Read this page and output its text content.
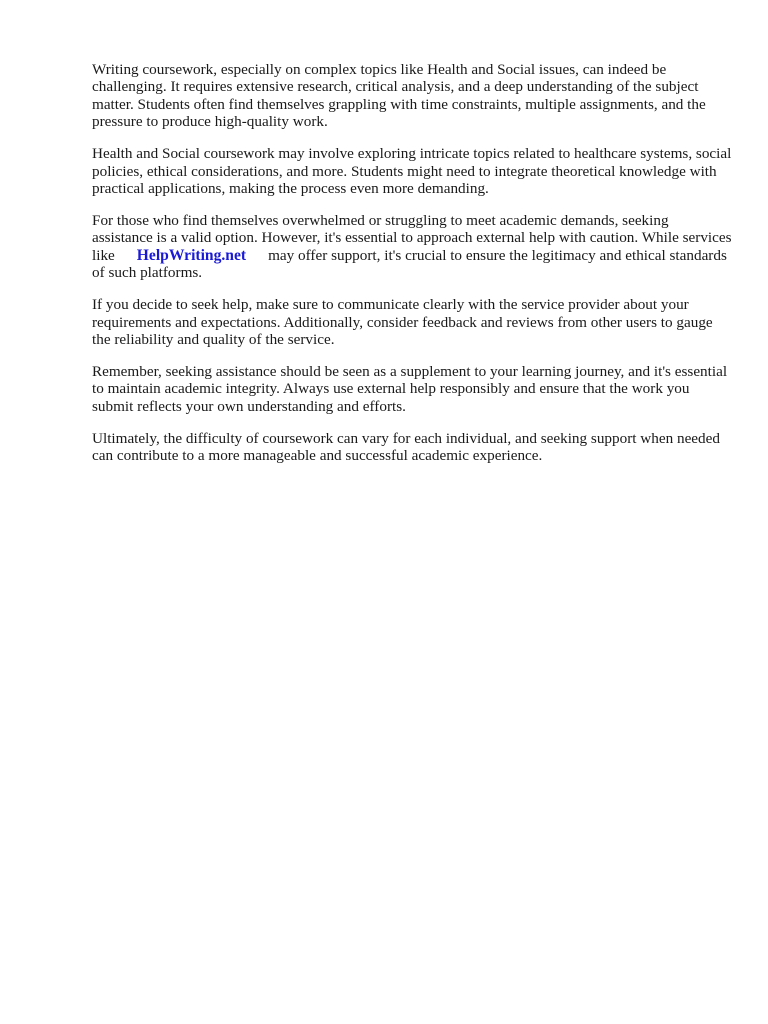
Writing coursework, especially on complex topics like Health and Social issues, can indeed be challenging. It requires extensive research, critical analysis, and a deep understanding of the subject matter. Students often find themselves grappling with time constraints, multiple assignments, and the pressure to produce high-quality work.

Health and Social coursework may involve exploring intricate topics related to healthcare systems, social policies, ethical considerations, and more. Students might need to integrate theoretical knowledge with practical applications, making the process even more demanding.

For those who find themselves overwhelmed or struggling to meet academic demands, seeking assistance is a valid option. However, it's essential to approach external help with caution. While services like HelpWriting.net may offer support, it's crucial to ensure the legitimacy and ethical standards of such platforms.

If you decide to seek help, make sure to communicate clearly with the service provider about your requirements and expectations. Additionally, consider feedback and reviews from other users to gauge the reliability and quality of the service.

Remember, seeking assistance should be seen as a supplement to your learning journey, and it's essential to maintain academic integrity. Always use external help responsibly and ensure that the work you submit reflects your own understanding and efforts.

Ultimately, the difficulty of coursework can vary for each individual, and seeking support when needed can contribute to a more manageable and successful academic experience.
